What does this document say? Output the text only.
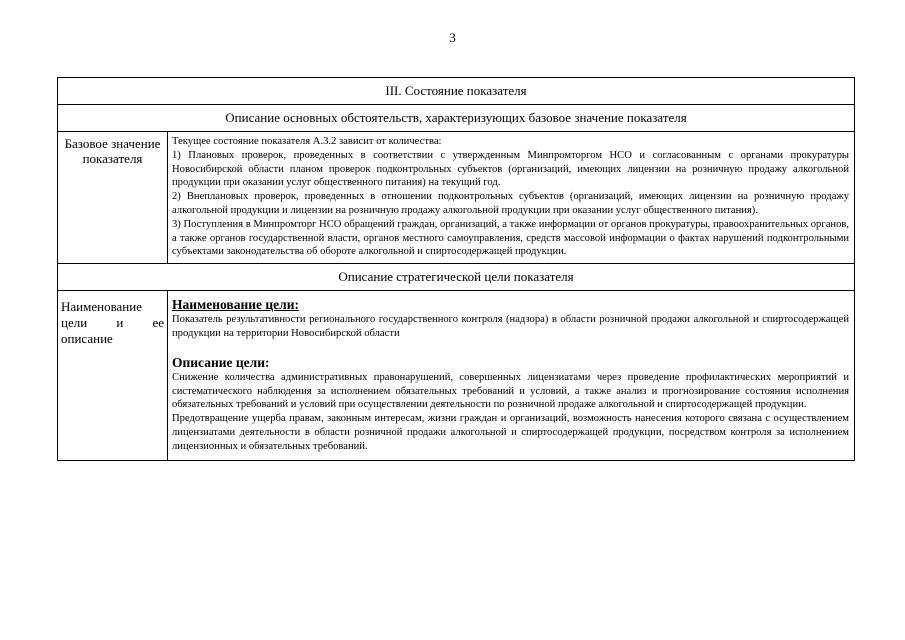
3
III. Состояние показателя	
Описание основных обстоятельств, характеризующих базовое значение показателя	
Базовое значение показателя	Текущее состояние показателя А.3.2 зависит от количества:

1) Плановых проверок, проведенных в соответствии с утвержденным Минпромторгом НСО и согласованным с органами прокуратуры Новосибирской области планом проверок подконтрольных субъектов (организаций, имеющих лицензии на розничную продажу алкогольной продукции при оказании услуг общественного питания) на текущий год.

2) Внеплановых проверок, проведенных в отношении подконтрольных субъектов (организаций, имеющих лицензии на розничную продажу алкогольной продукции и лицензии на розничную продажу алкогольной продукции при оказании услуг общественного питания).

3) Поступления в Минпромторг НСО обращений граждан, организаций, а также информации от органов прокуратуры, правоохранительных органов, а также органов государственной власти, органов местного самоуправления, средств массовой информации о фактах нарушений подконтрольными субъектами законодательства об обороте алкогольной и спиртосодержащей продукции.

Описание стратегической цели показателя	
Наименование цели и ее описание	Наименование цели:

Показатель результативности регионального государственного контроля (надзора) в области розничной продажи алкогольной и спиртосодержащей продукции на территории Новосибирской области

Описание цели:

Снижение количества административных правонарушений, совершенных лицензиатами через проведение профилактических мероприятий и систематического наблюдения за исполнением обязательных требований и условий, а также анализ и прогнозирование состояния исполнения обязательных требований и условий при осуществлении деятельности по розничной продаже алкогольной и спиртосодержащей продукции.

Предотвращение ущерба правам, законным интересам, жизни граждан и организаций, возможность нанесения которого связана с осуществлением лицензиатами деятельности в области розничной продажи алкогольной и спиртосодержащей продукции, посредством контроля за исполнением лицензионных и обязательных требований.
